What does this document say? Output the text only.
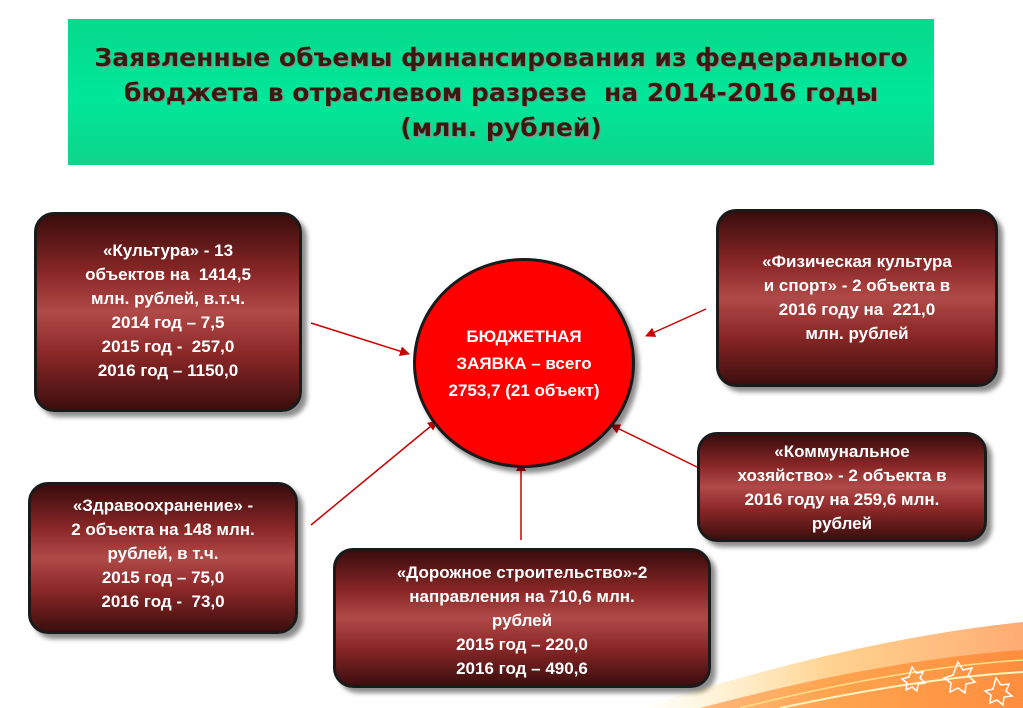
Заявленные объемы финансирования из федерального
бюджета в отраслевом разрезе  на 2014-2016 годы
(млн. рублей)
«Культура» - 13
объектов на  1414,5
млн. рублей, в.т.ч.
2014 год – 7,5
2015 год -  257,0
2016 год – 1150,0
«Физическая культура
и спорт» - 2 объекта в
2016 году на  221,0
млн. рублей
«Коммунальное
хозяйство» - 2 объекта в
2016 году на 259,6 млн.
рублей
«Здравоохранение» -
2 объекта на 148 млн.
рублей, в т.ч.
2015 год – 75,0
2016 год -  73,0
«Дорожное строительство»-2
направления на 710,6 млн.
рублей
2015 год – 220,0
2016 год – 490,6
БЮДЖЕТНАЯ
ЗАЯВКА – всего
2753,7 (21 объект)
